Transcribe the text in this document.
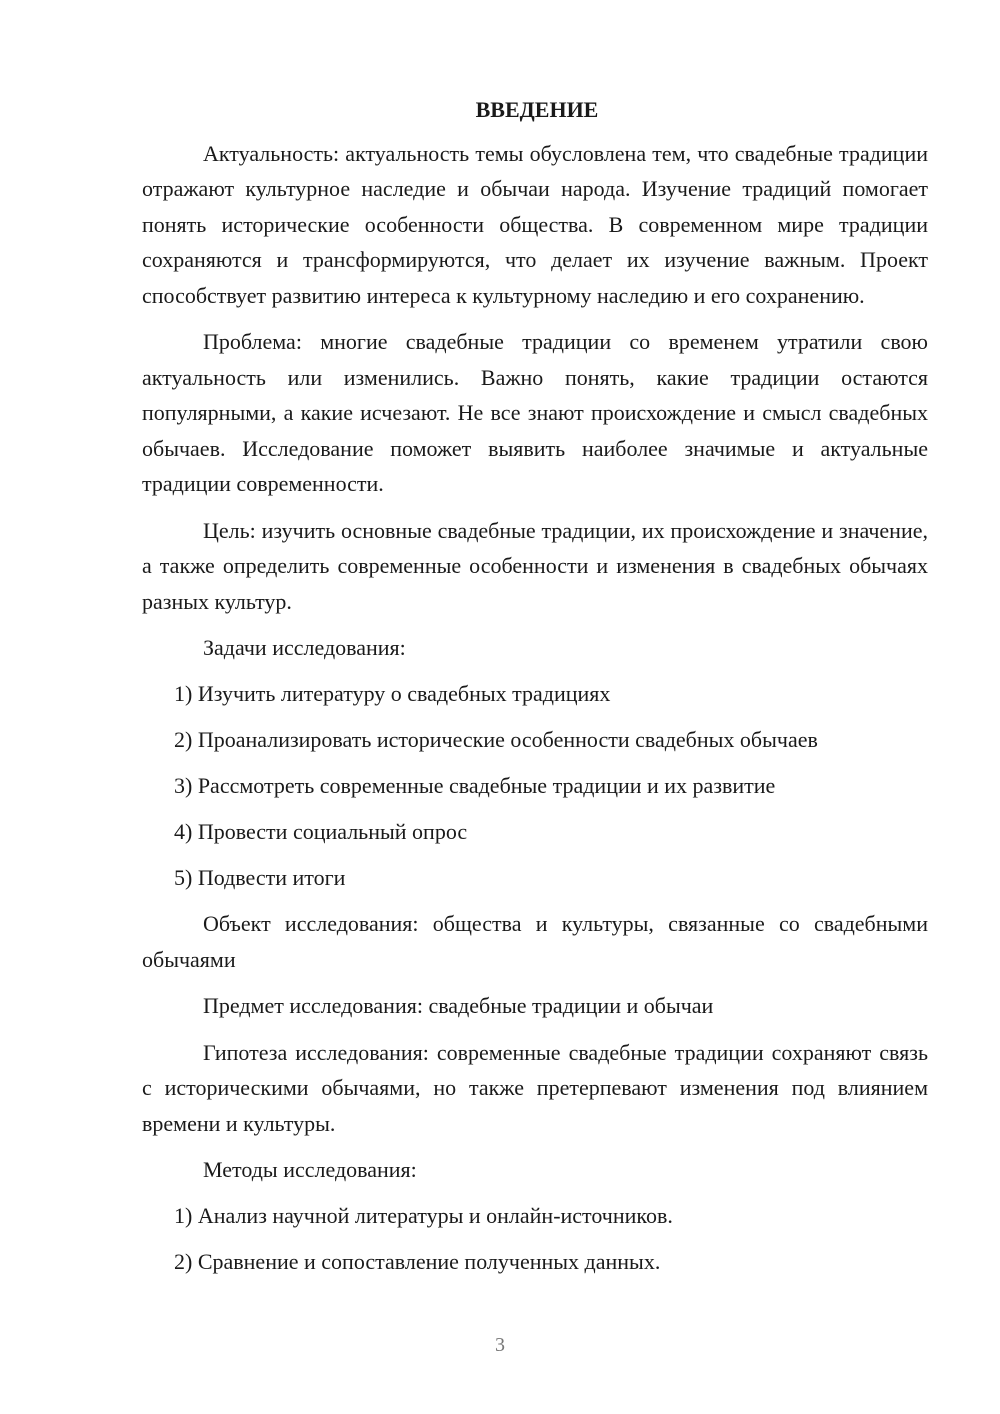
ВВЕДЕНИЕ

Актуальность: актуальность темы обусловлена тем, что свадебные традиции отражают культурное наследие и обычаи народа. Изучение традиций помогает понять исторические особенности общества. В современном мире традиции сохраняются и трансформируются, что делает их изучение важным. Проект способствует развитию интереса к культурному наследию и его сохранению.

Проблема: многие свадебные традиции со временем утратили свою актуальность или изменились. Важно понять, какие традиции остаются популярными, а какие исчезают. Не все знают происхождение и смысл свадебных обычаев. Исследование поможет выявить наиболее значимые и актуальные традиции современности.

Цель: изучить основные свадебные традиции, их происхождение и значение, а также определить современные особенности и изменения в свадебных обычаях разных культур.

Задачи исследования:

1) Изучить литературу о свадебных традициях

2) Проанализировать исторические особенности свадебных обычаев

3) Рассмотреть современные свадебные традиции и их развитие

4) Провести социальный опрос

5) Подвести итоги

Объект исследования: общества и культуры, связанные со свадебными обычаями

Предмет исследования: свадебные традиции и обычаи

Гипотеза исследования: современные свадебные традиции сохраняют связь с историческими обычаями, но также претерпевают изменения под влиянием времени и культуры.

Методы исследования:

1) Анализ научной литературы и онлайн-источников.

2) Сравнение и сопоставление полученных данных.

3
